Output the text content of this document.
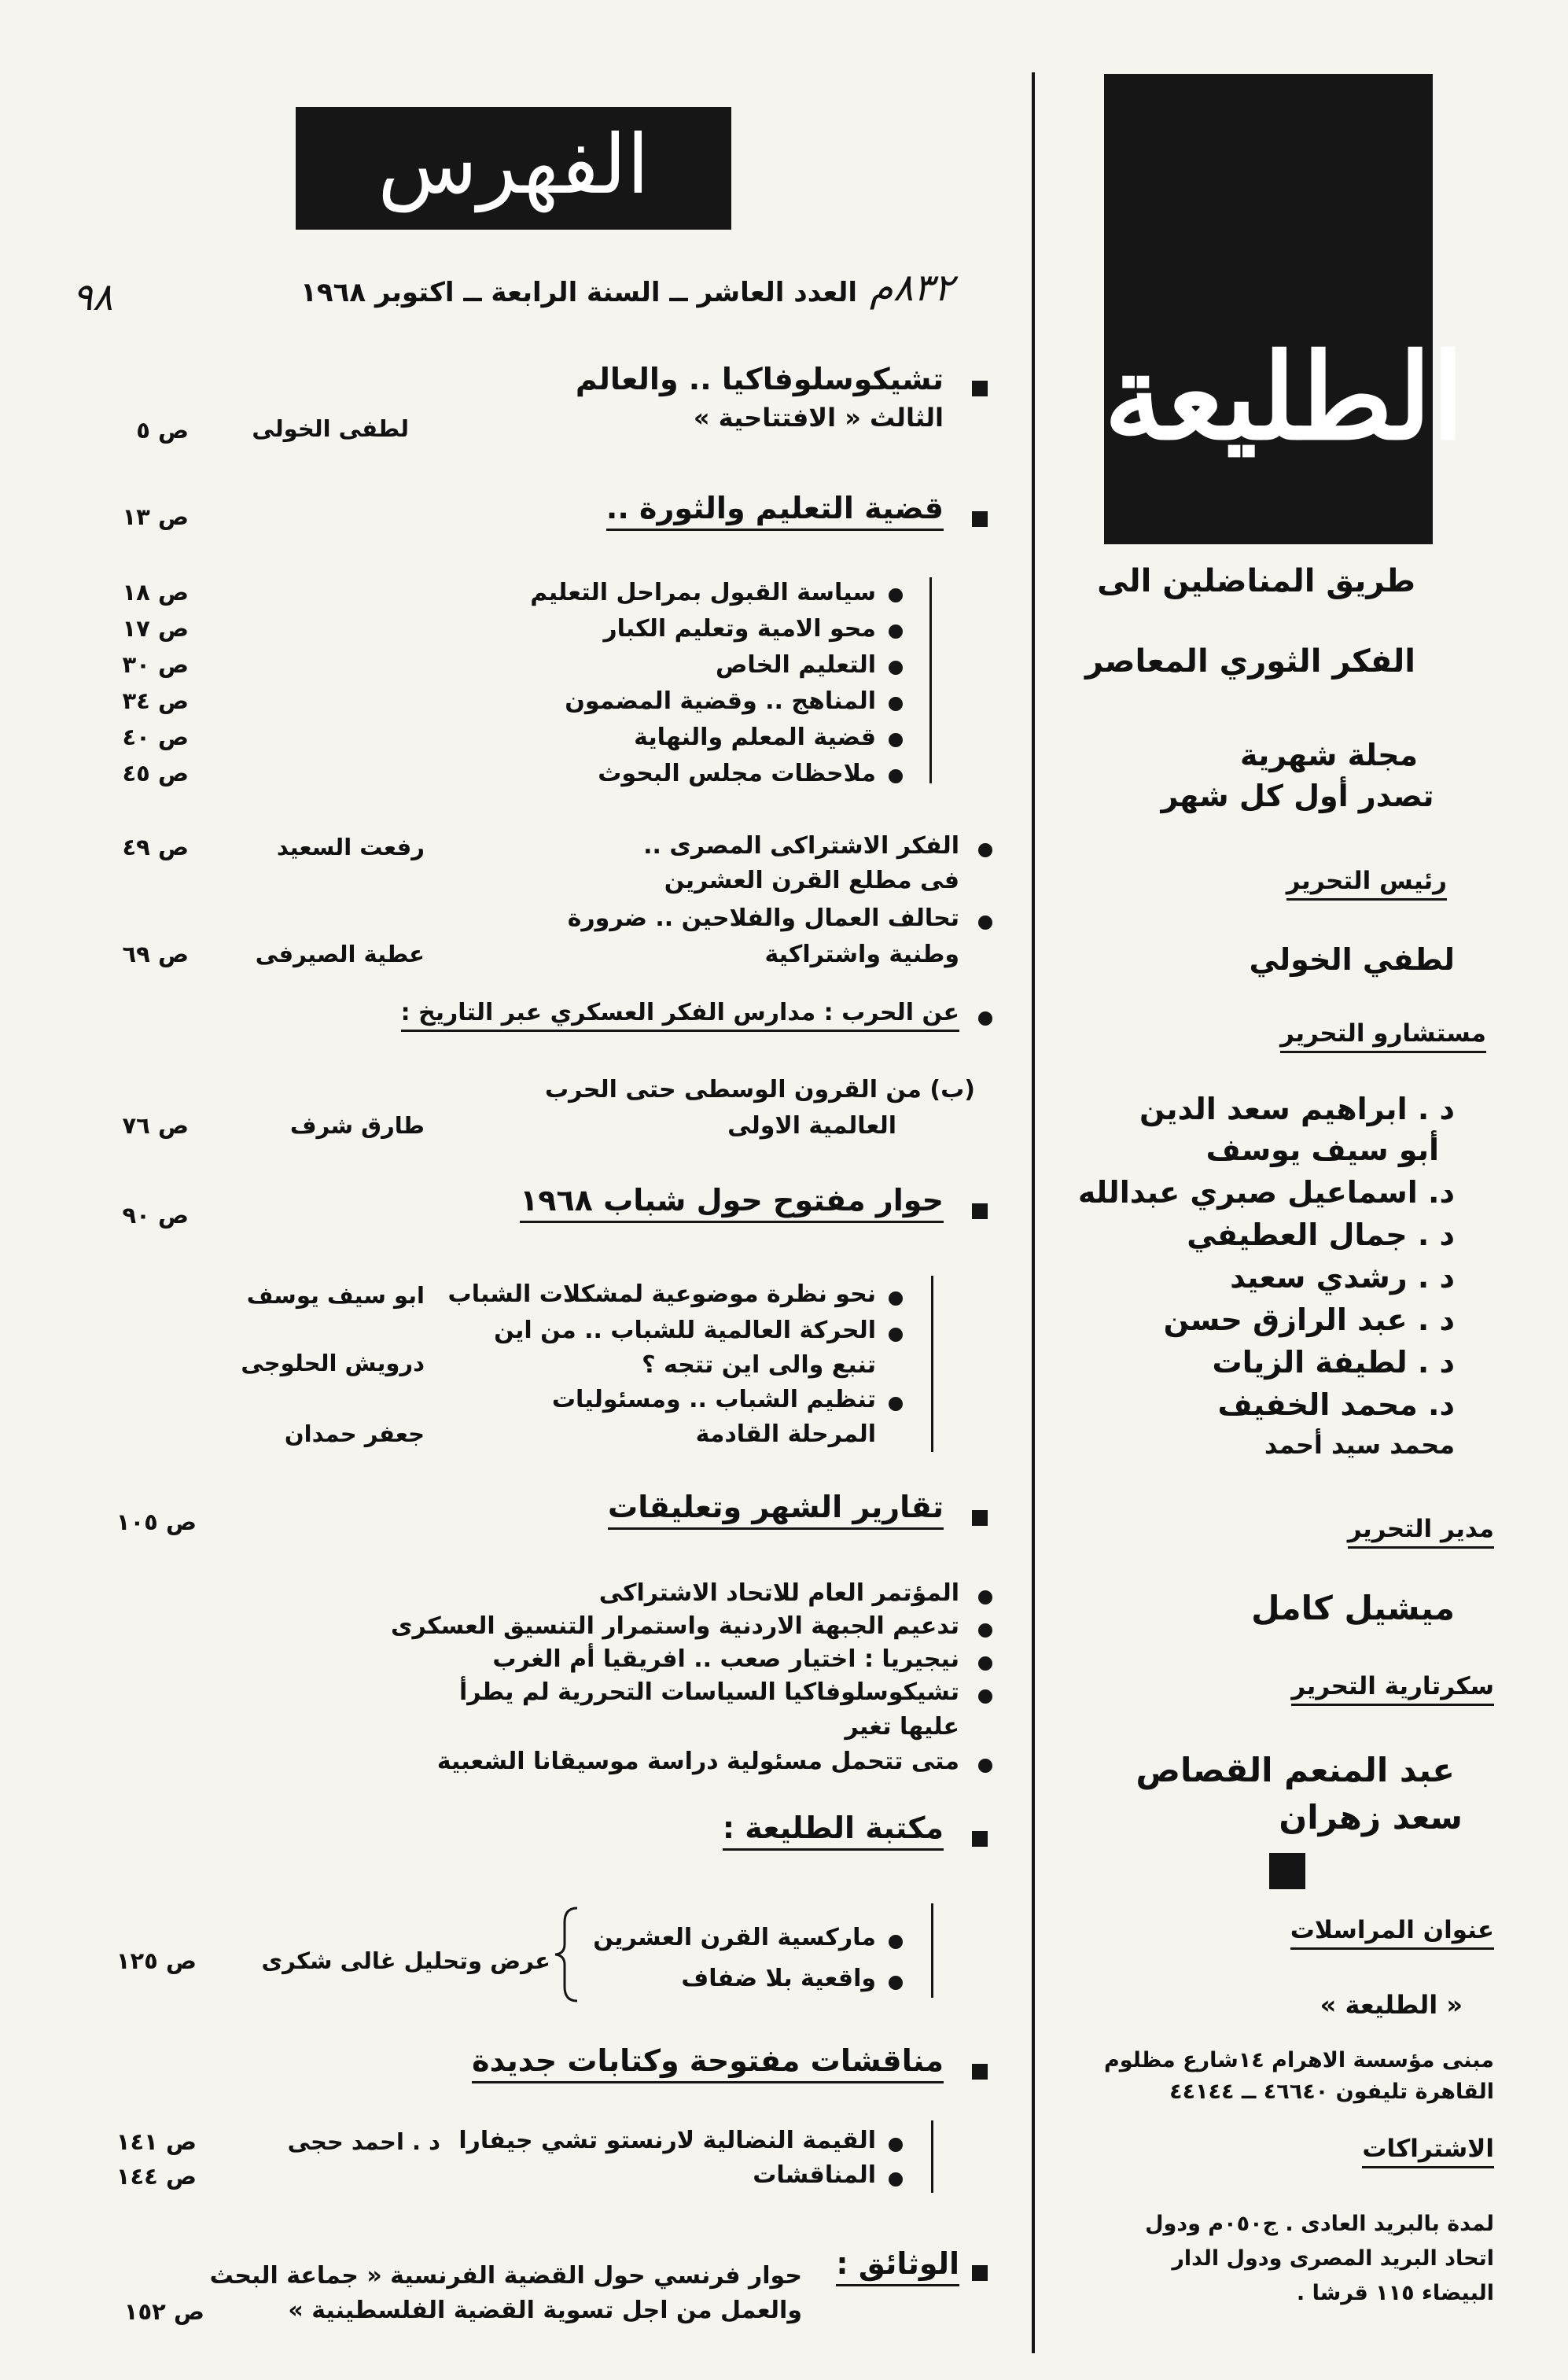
الطليعة
طريق المناضلين الى
الفكر الثوري المعاصر
مجلة شهرية
تصدر أول كل شهر
رئيس التحرير
لطفي الخولي
مستشارو التحرير
د . ابراهيم سعد الدين
أبو سيف يوسف
د. اسماعيل صبري عبدالله
د . جمال العطيفي
د . رشدي سعيد
د . عبد الرازق حسن
د . لطيفة الزيات
د. محمد الخفيف
محمد سيد أحمد
مدير التحرير
ميشيل كامل
سكرتارية التحرير
عبد المنعم القصاص
سعد زهران
عنوان المراسلات
« الطليعة »
مبنى مؤسسة الاهرام ١٤شارع مظلوم
القاهرة تليفون ٤٦٦٤٠ ــ ٤٤١٤٤
الاشتراكات
لمدة بالبريد العادى . ج٠٥٠م ودول
اتحاد البريد المصرى ودول الدار
البيضاء ١١٥ قرشا .
الفهرس
۹۸	العدد العاشر ــ السنة الرابعة ــ اكتوبر ١٩٦٨ ٨٣٢م
تشيكوسلوفاكيا .. والعالم
الثالث « الافتتاحية »
لطفى الخولى
ص ٥
قضية التعليم والثورة ..
ص ١٣
سياسة القبول بمراحل التعليم
ص ١٨
محو الامية وتعليم الكبار
ص ١٧
التعليم الخاص
ص ٣٠
المناهج .. وقضية المضمون
ص ٣٤
قضية المعلم والنهاية
ص ٤٠
ملاحظات مجلس البحوث
ص ٤٥
الفكر الاشتراكى المصرى ..
فى مطلع القرن العشرين
رفعت السعيد
ص ٤٩
تحالف العمال والفلاحين .. ضرورة
وطنية واشتراكية
عطية الصيرفى
ص ٦٩
عن الحرب : مدارس الفكر العسكري عبر التاريخ :
(ب) من القرون الوسطى حتى الحرب
العالمية الاولى
طارق شرف
ص ٧٦
حوار مفتوح حول شباب ١٩٦٨
ص ٩٠
نحو نظرة موضوعية لمشكلات الشباب
ابو سيف يوسف
الحركة العالمية للشباب .. من اين
تنبع والى اين تتجه ؟
درويش الحلوجى
تنظيم الشباب .. ومسئوليات
المرحلة القادمة
جعفر حمدان
تقارير الشهر وتعليقات
ص ١٠٥
المؤتمر العام للاتحاد الاشتراكى
تدعيم الجبهة الاردنية واستمرار التنسيق العسكرى
نيجيريا : اختيار صعب .. افريقيا أم الغرب
تشيكوسلوفاكيا السياسات التحررية لم يطرأ
عليها تغير
متى تتحمل مسئولية دراسة موسيقانا الشعبية
مكتبة الطليعة :
ماركسية القرن العشرين
واقعية بلا ضفاف
عرض وتحليل غالى شكرى
ص ١٢٥
مناقشات مفتوحة وكتابات جديدة
القيمة النضالية لارنستو تشي جيفارا
د . احمد حجى
ص ١٤١
المناقشات
ص ١٤٤
الوثائق :
حوار فرنسي حول القضية الفرنسية « جماعة البحث
والعمل من اجل تسوية القضية الفلسطينية »
ص ١٥٢
